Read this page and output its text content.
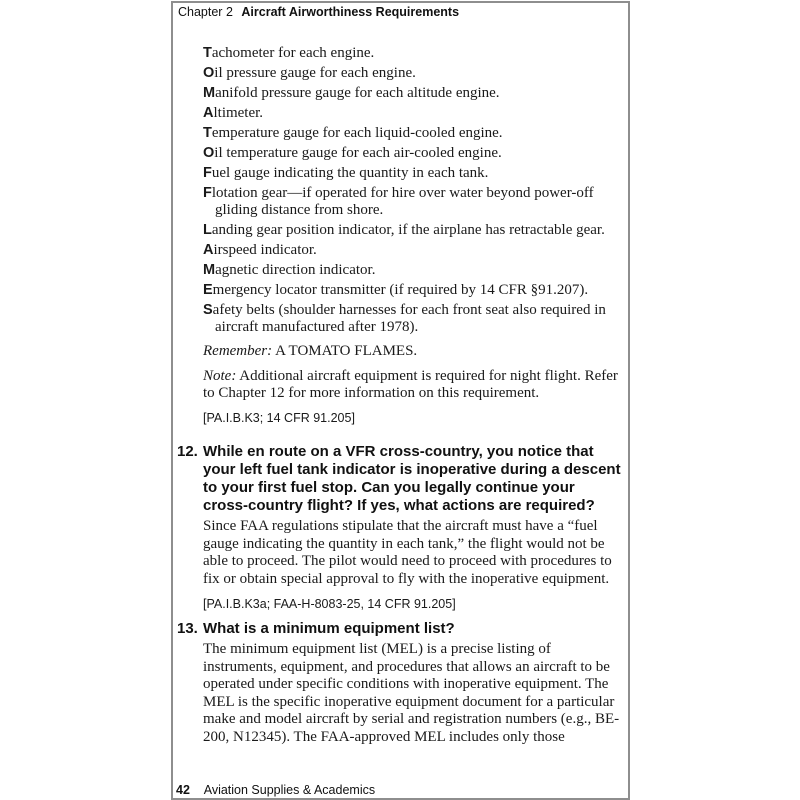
Chapter 2 Aircraft Airworthiness Requirements
Tachometer for each engine.
Oil pressure gauge for each engine.
Manifold pressure gauge for each altitude engine.
Altimeter.
Temperature gauge for each liquid-cooled engine.
Oil temperature gauge for each air-cooled engine.
Fuel gauge indicating the quantity in each tank.
Flotation gear—if operated for hire over water beyond power-off gliding distance from shore.
Landing gear position indicator, if the airplane has retractable gear.
Airspeed indicator.
Magnetic direction indicator.
Emergency locator transmitter (if required by 14 CFR §91.207).
Safety belts (shoulder harnesses for each front seat also required in aircraft manufactured after 1978).
Remember: A TOMATO FLAMES.
Note: Additional aircraft equipment is required for night flight. Refer to Chapter 12 for more information on this requirement.
[PA.I.B.K3; 14 CFR 91.205]
12. While en route on a VFR cross-country, you notice that your left fuel tank indicator is inoperative during a descent to your first fuel stop. Can you legally continue your cross-country flight? If yes, what actions are required?
Since FAA regulations stipulate that the aircraft must have a “fuel gauge indicating the quantity in each tank,” the flight would not be able to proceed. The pilot would need to proceed with procedures to fix or obtain special approval to fly with the inoperative equipment.
[PA.I.B.K3a; FAA-H-8083-25, 14 CFR 91.205]
13. What is a minimum equipment list?
The minimum equipment list (MEL) is a precise listing of instruments, equipment, and procedures that allows an aircraft to be operated under specific conditions with inoperative equipment. The MEL is the specific inoperative equipment document for a particular make and model aircraft by serial and registration numbers (e.g., BE-200, N12345). The FAA-approved MEL includes only those
42 Aviation Supplies & Academics
